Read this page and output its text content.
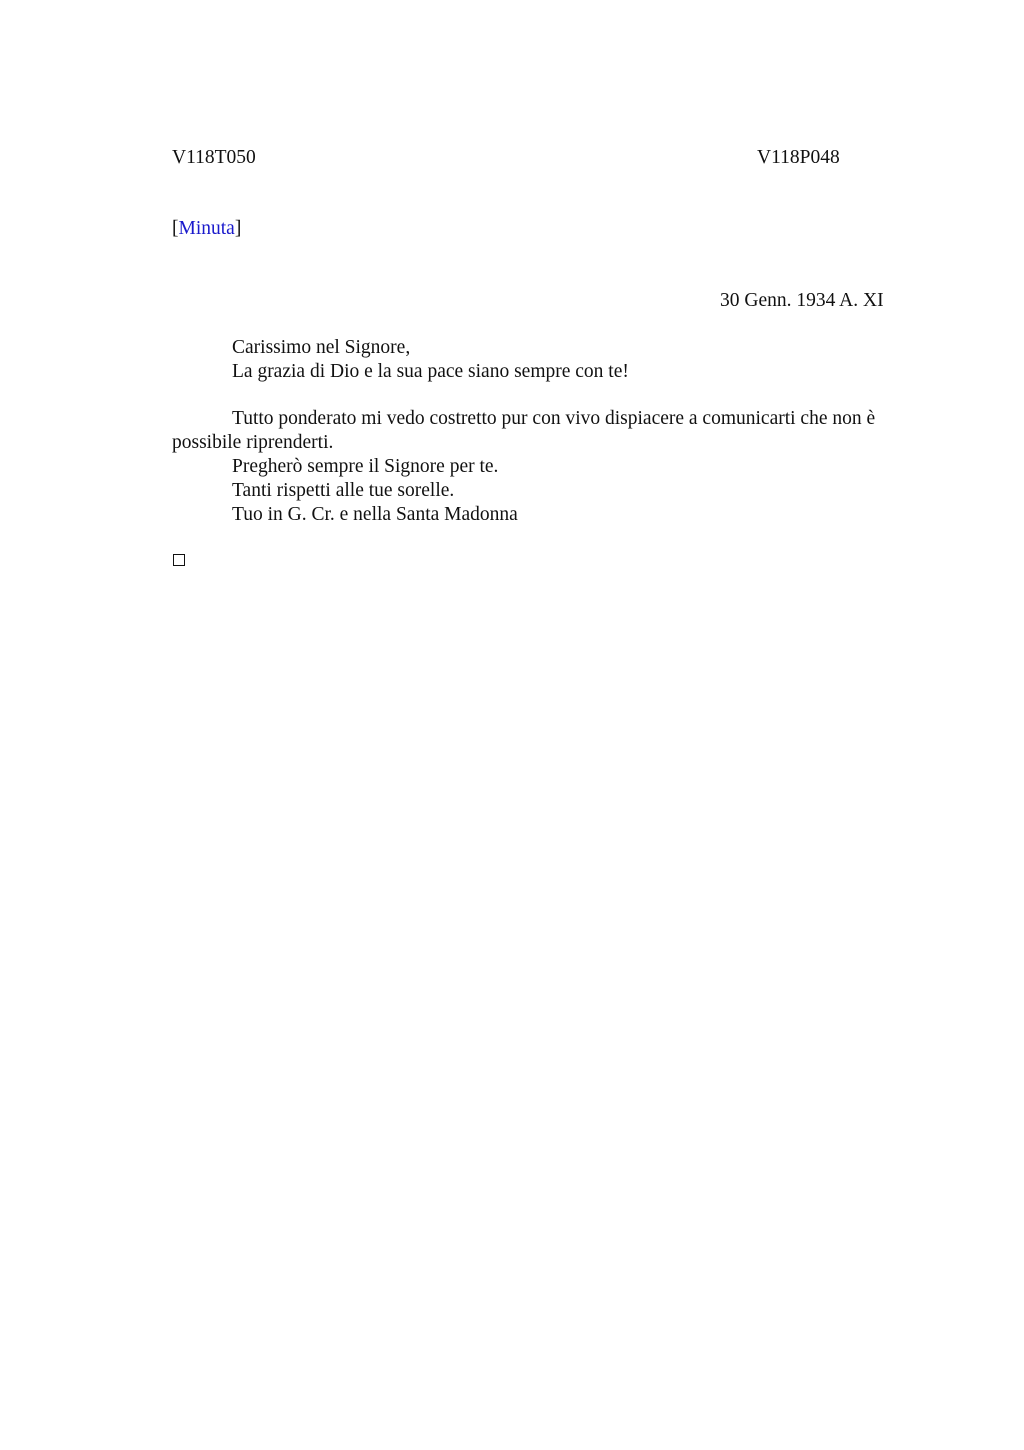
V118T050	V118P048
[Minuta]
30 Genn. 1934 A. XI
Carissimo nel Signore,
La grazia di Dio e la sua pace siano sempre con te!
Tutto ponderato mi vedo costretto pur con vivo dispiacere a comunicarti che non è possibile riprenderti.
Pregherò sempre il Signore per te.
Tanti rispetti alle tue sorelle.
Tuo in G. Cr. e nella Santa Madonna
